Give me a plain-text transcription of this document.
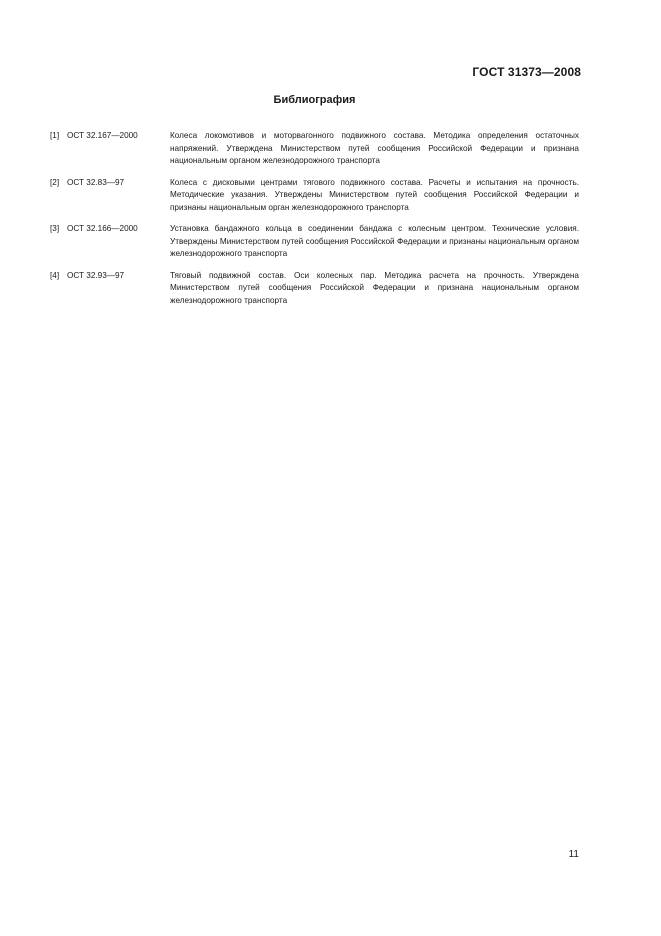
ГОСТ 31373—2008
Библиография
[1] ОСТ 32.167—2000	Колеса локомотивов и моторвагонного подвижного состава. Методика определения остаточных напряжений. Утверждена Министерством путей сообщения Российской Федерации и признана национальным органом железнодорожного транспорта
[2] ОСТ 32.83—97	Колеса с дисковыми центрами тягового подвижного состава. Расчеты и испытания на прочность. Методические указания. Утверждены Министерством путей сообщения Российской Федерации и признаны национальным орган железнодорожного транспорта
[3] ОСТ 32.166—2000	Установка бандажного кольца в соединении бандажа с колесным центром. Технические условия. Утверждены Министерством путей сообщения Российской Федерации и признаны национальным органом железнодорожного транспорта
[4] ОСТ 32.93—97	Тяговый подвижной состав. Оси колесных пар. Методика расчета на прочность. Утверждена Министерством путей сообщения Российской Федерации и признана национальным органом железнодорожного транспорта
11
